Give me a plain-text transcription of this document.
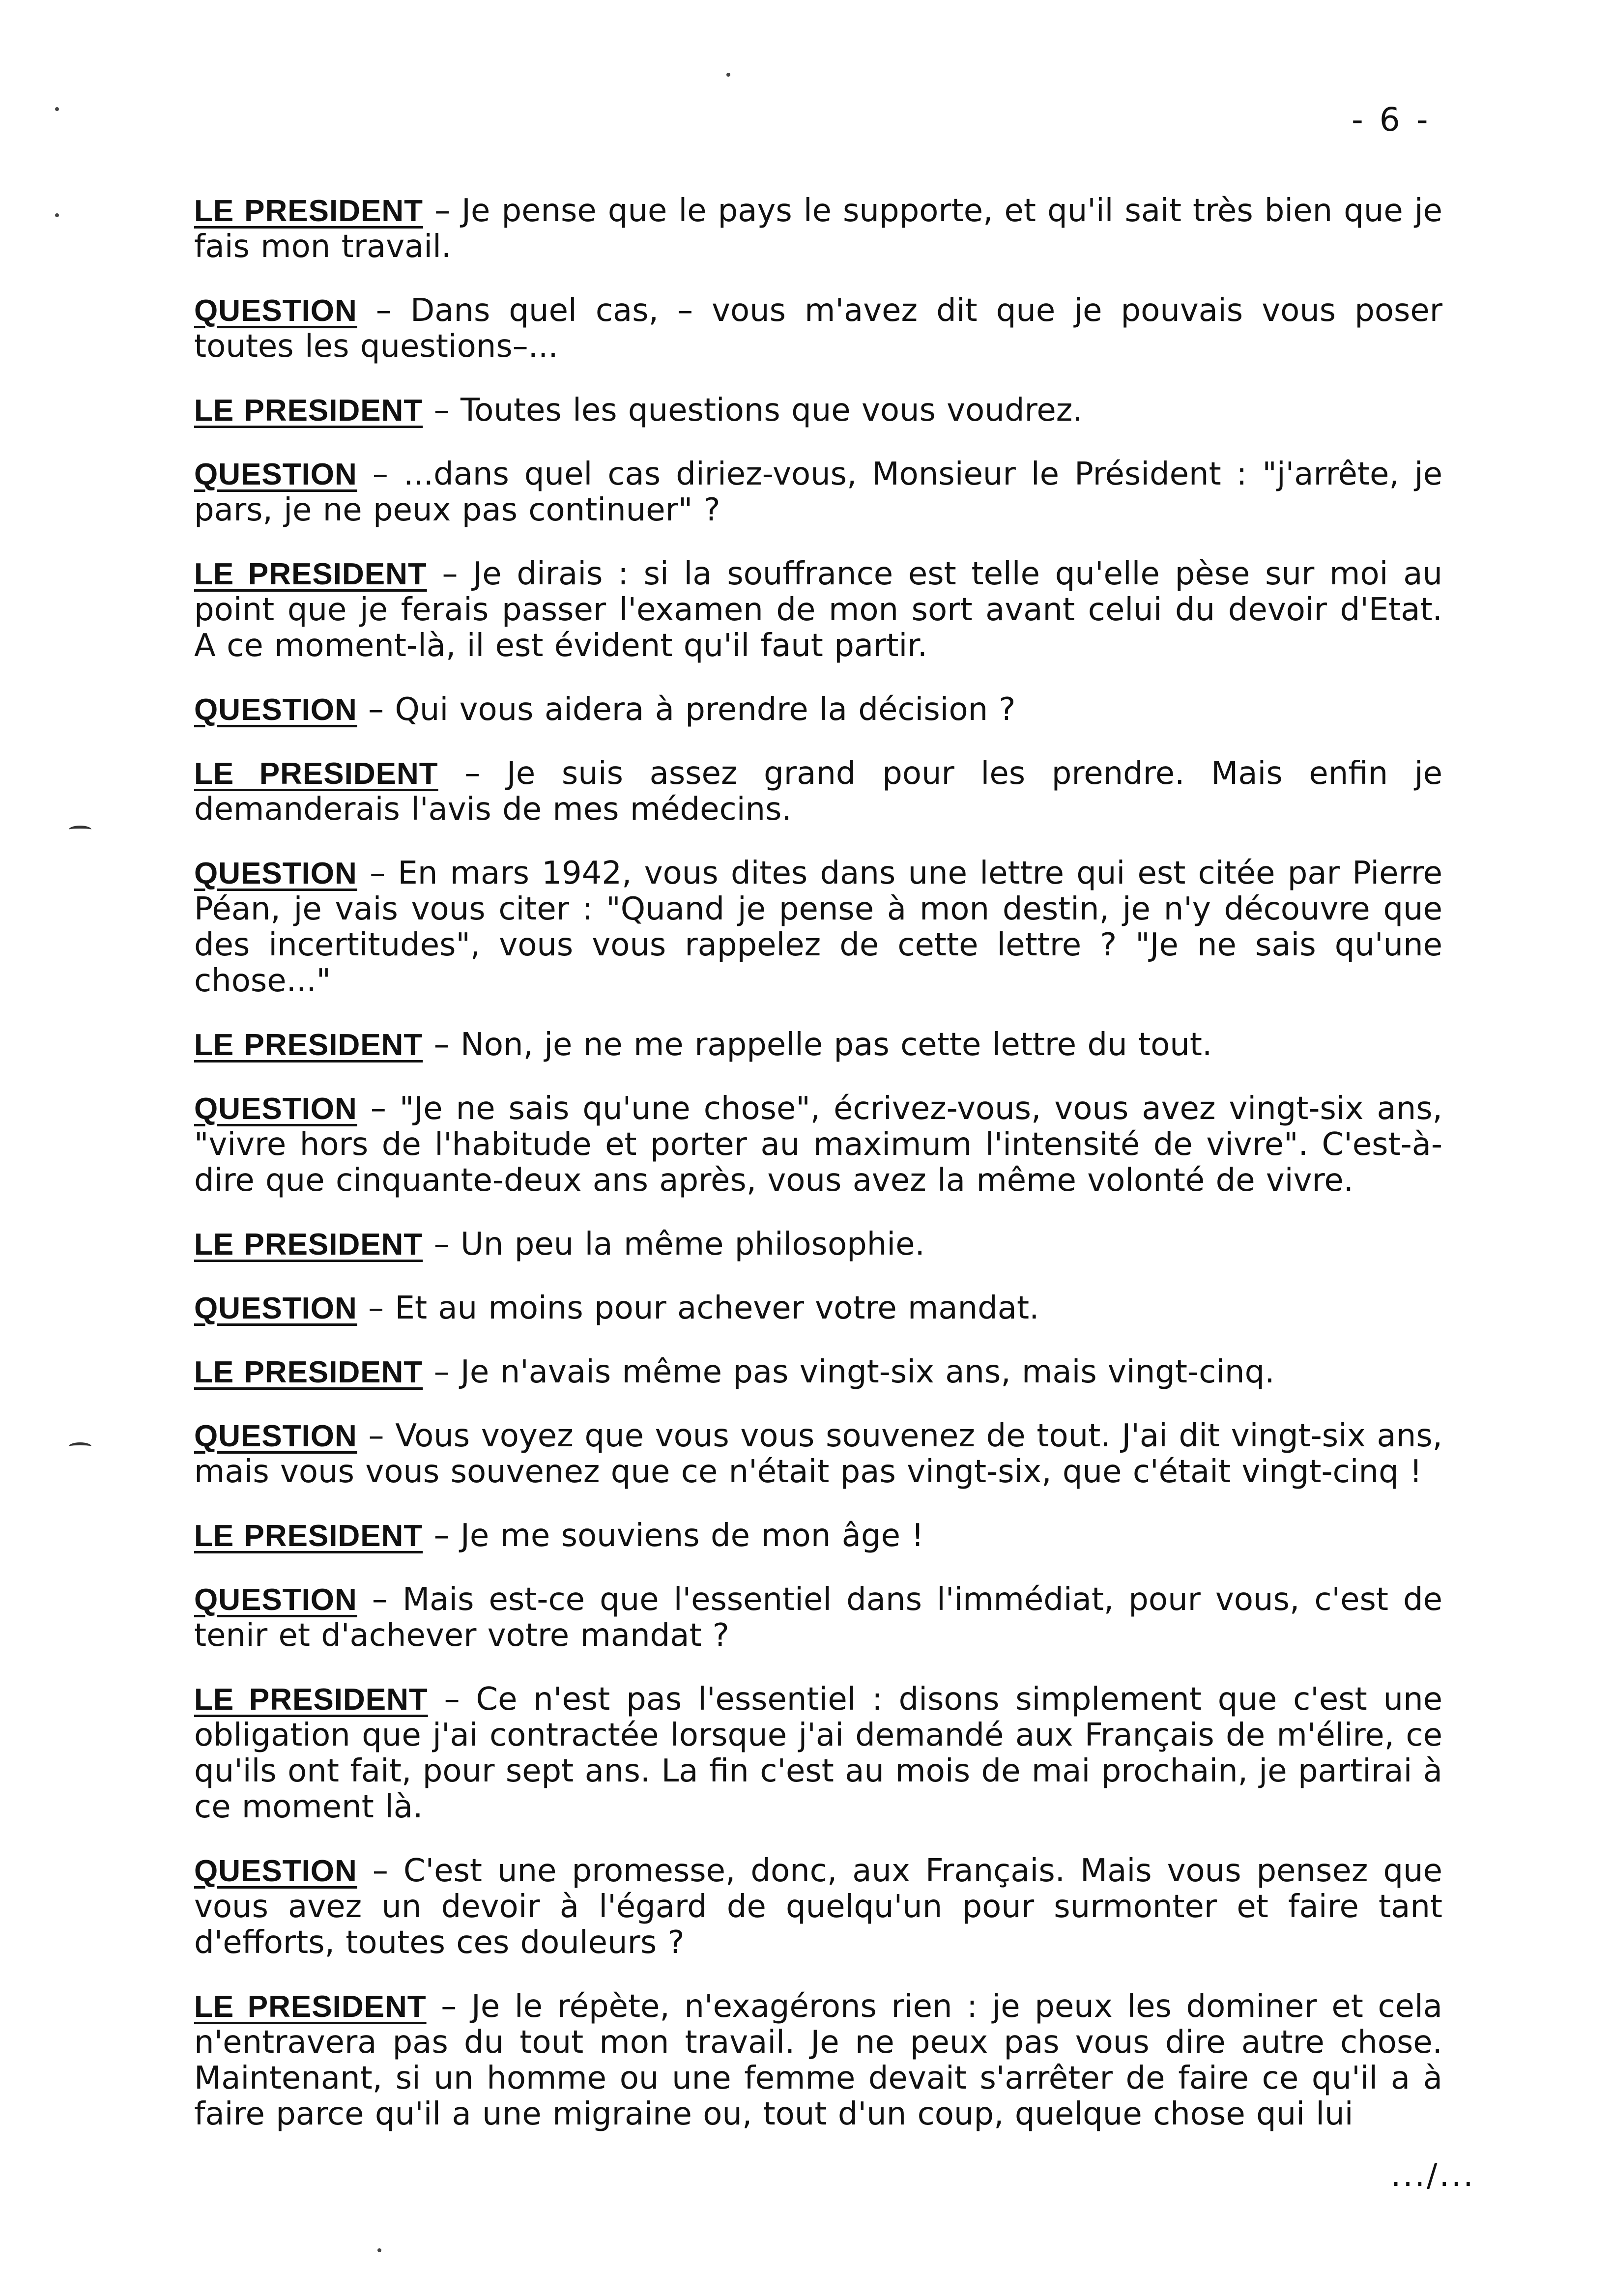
- 6 -

LE PRESIDENT – Je pense que le pays le supporte, et qu'il sait très bien que je fais mon travail.

QUESTION – Dans quel cas, – vous m'avez dit que je pouvais vous poser toutes les questions–...

LE PRESIDENT – Toutes les questions que vous voudrez.

QUESTION – ...dans quel cas diriez-vous, Monsieur le Président : "j'arrête, je pars, je ne peux pas continuer" ?

LE PRESIDENT – Je dirais : si la souffrance est telle qu'elle pèse sur moi au point que je ferais passer l'examen de mon sort avant celui du devoir d'Etat. A ce moment-là, il est évident qu'il faut partir.

QUESTION – Qui vous aidera à prendre la décision ?

LE PRESIDENT – Je suis assez grand pour les prendre. Mais enfin je demanderais l'avis de mes médecins.

QUESTION – En mars 1942, vous dites dans une lettre qui est citée par Pierre Péan, je vais vous citer : "Quand je pense à mon destin, je n'y découvre que des incertitudes", vous vous rappelez de cette lettre ? "Je ne sais qu'une chose..."

LE PRESIDENT – Non, je ne me rappelle pas cette lettre du tout.

QUESTION – "Je ne sais qu'une chose", écrivez-vous, vous avez vingt-six ans, "vivre hors de l'habitude et porter au maximum l'intensité de vivre". C'est-à-dire que cinquante-deux ans après, vous avez la même volonté de vivre.

LE PRESIDENT – Un peu la même philosophie.

QUESTION – Et au moins pour achever votre mandat.

LE PRESIDENT – Je n'avais même pas vingt-six ans, mais vingt-cinq.

QUESTION – Vous voyez que vous vous souvenez de tout. J'ai dit vingt-six ans, mais vous vous souvenez que ce n'était pas vingt-six, que c'était vingt-cinq !

LE PRESIDENT – Je me souviens de mon âge !

QUESTION – Mais est-ce que l'essentiel dans l'immédiat, pour vous, c'est de tenir et d'achever votre mandat ?

LE PRESIDENT – Ce n'est pas l'essentiel : disons simplement que c'est une obligation que j'ai contractée lorsque j'ai demandé aux Français de m'élire, ce qu'ils ont fait, pour sept ans. La fin c'est au mois de mai prochain, je partirai à ce moment là.

QUESTION – C'est une promesse, donc, aux Français. Mais vous pensez que vous avez un devoir à l'égard de quelqu'un pour surmonter et faire tant d'efforts, toutes ces douleurs ?

LE PRESIDENT – Je le répète, n'exagérons rien : je peux les dominer et cela n'entravera pas du tout mon travail. Je ne peux pas vous dire autre chose. Maintenant, si un homme ou une femme devait s'arrêter de faire ce qu'il a à faire parce qu'il a une migraine ou, tout d'un coup, quelque chose qui lui

.../...
